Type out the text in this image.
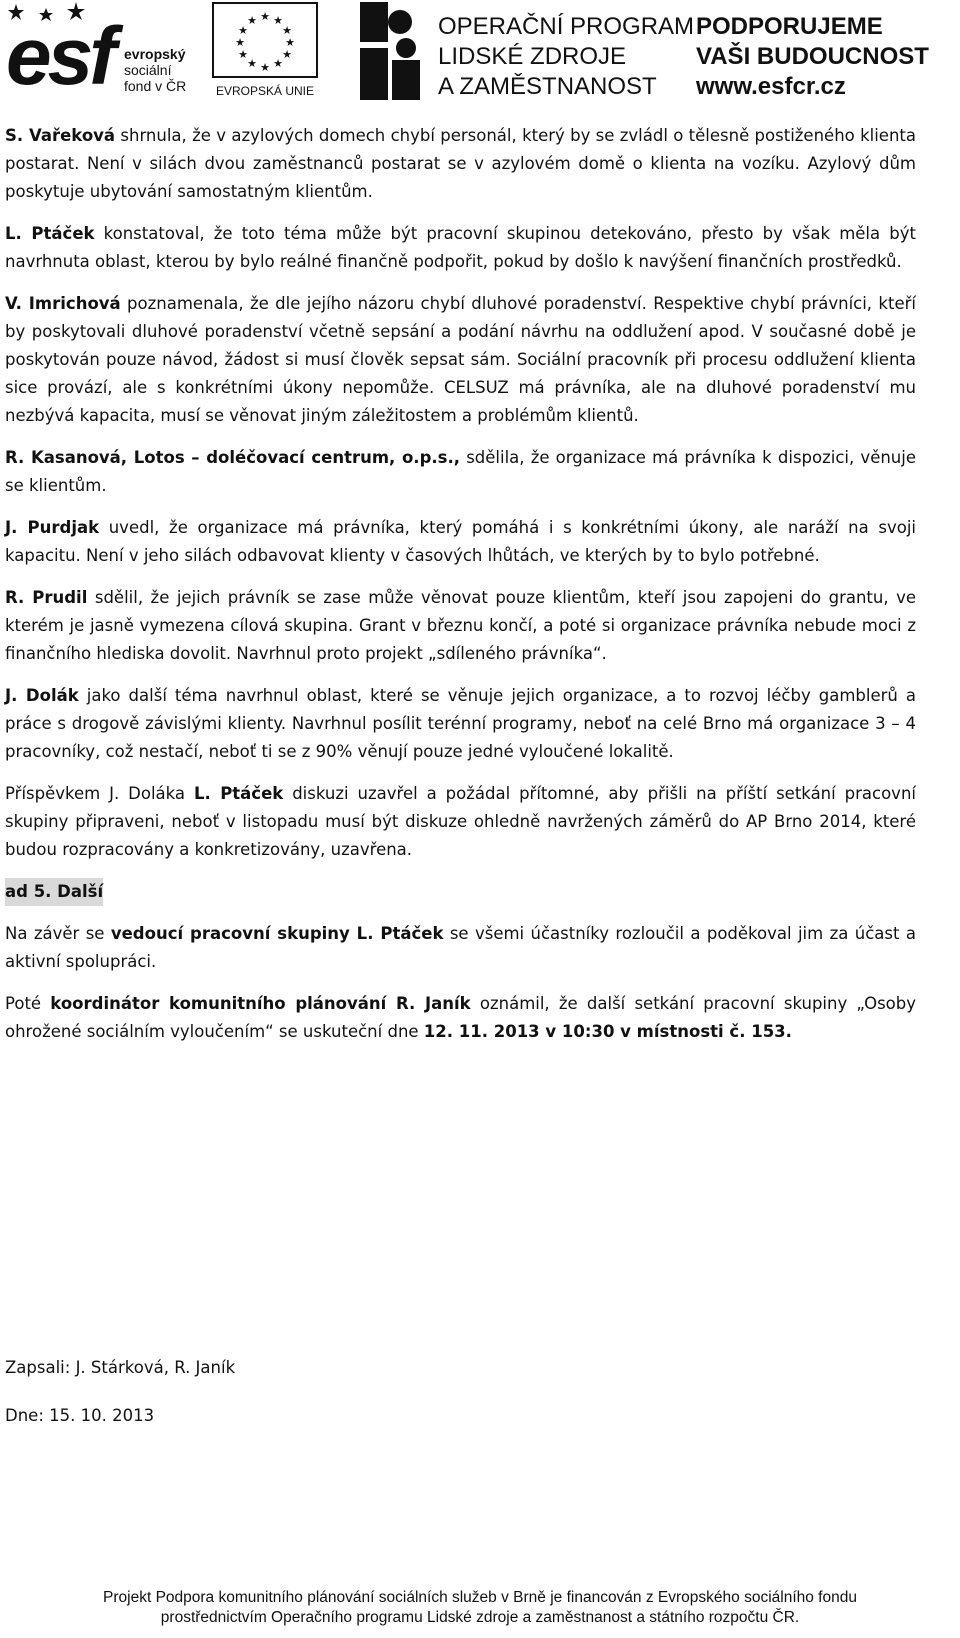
esf evropský
sociální
fond v ČR
★ ★
★
★
★
★
★
★
★
★
★
★
EVROPSKÁ UNIE
OPERAČNÍ PROGRAM
LIDSKÉ ZDROJE
A ZAMĚSTNANOST
PODPORUJEME
VAŠI BUDOUCNOST
www.esfcr.cz

S. Vařeková shrnula, že v azylových domech chybí personál, který by se zvládl o tělesně postiženého klienta postarat. Není v silách dvou zaměstnanců postarat se v azylovém domě o klienta na vozíku. Azylový dům poskytuje ubytování samostatným klientům.

L. Ptáček konstatoval, že toto téma může být pracovní skupinou detekováno, přesto by však měla být navrhnuta oblast, kterou by bylo reálné finančně podpořit, pokud by došlo k navýšení finančních prostředků.

V. Imrichová poznamenala, že dle jejího názoru chybí dluhové poradenství. Respektive chybí právníci, kteří by poskytovali dluhové poradenství včetně sepsání a podání návrhu na oddlužení apod. V současné době je poskytován pouze návod, žádost si musí člověk sepsat sám. Sociální pracovník při procesu oddlužení klienta sice provází, ale s konkrétními úkony nepomůže. CELSUZ má právníka, ale na dluhové poradenství mu nezbývá kapacita, musí se věnovat jiným záležitostem a problémům klientů.

R. Kasanová, Lotos – doléčovací centrum, o.p.s., sdělila, že organizace má právníka k dispozici, věnuje se klientům.

J. Purdjak uvedl, že organizace má právníka, který pomáhá i s konkrétními úkony, ale naráží na svoji kapacitu. Není v jeho silách odbavovat klienty v časových lhůtách, ve kterých by to bylo potřebné.

R. Prudil sdělil, že jejich právník se zase může věnovat pouze klientům, kteří jsou zapojeni do grantu, ve kterém je jasně vymezena cílová skupina. Grant v březnu končí, a poté si organizace právníka nebude moci z finančního hlediska dovolit. Navrhnul proto projekt „sdíleného právníka“.

J. Dolák jako další téma navrhnul oblast, které se věnuje jejich organizace, a to rozvoj léčby gamblerů a práce s drogově závislými klienty. Navrhnul posílit terénní programy, neboť na celé Brno má organizace 3 – 4 pracovníky, což nestačí, neboť ti se z 90% věnují pouze jedné vyloučené lokalitě.

Příspěvkem J. Doláka L. Ptáček diskuzi uzavřel a požádal přítomné, aby přišli na příští setkání pracovní skupiny připraveni, neboť v listopadu musí být diskuze ohledně navržených záměrů do AP Brno 2014, které budou rozpracovány a konkretizovány, uzavřena.

ad 5. Další

Na závěr se vedoucí pracovní skupiny L. Ptáček se všemi účastníky rozloučil a poděkoval jim za účast a aktivní spolupráci.

Poté koordinátor komunitního plánování R. Janík oznámil, že další setkání pracovní skupiny „Osoby ohrožené sociálním vyloučením“ se uskuteční dne 12. 11. 2013 v 10:30 v místnosti č. 153.

Zapsali: J. Stárková, R. Janík
Dne: 15. 10. 2013
Projekt Podpora komunitního plánování sociálních služeb v Brně je financován z Evropského sociálního fondu
prostřednictvím Operačního programu Lidské zdroje a zaměstnanost a státního rozpočtu ČR.
